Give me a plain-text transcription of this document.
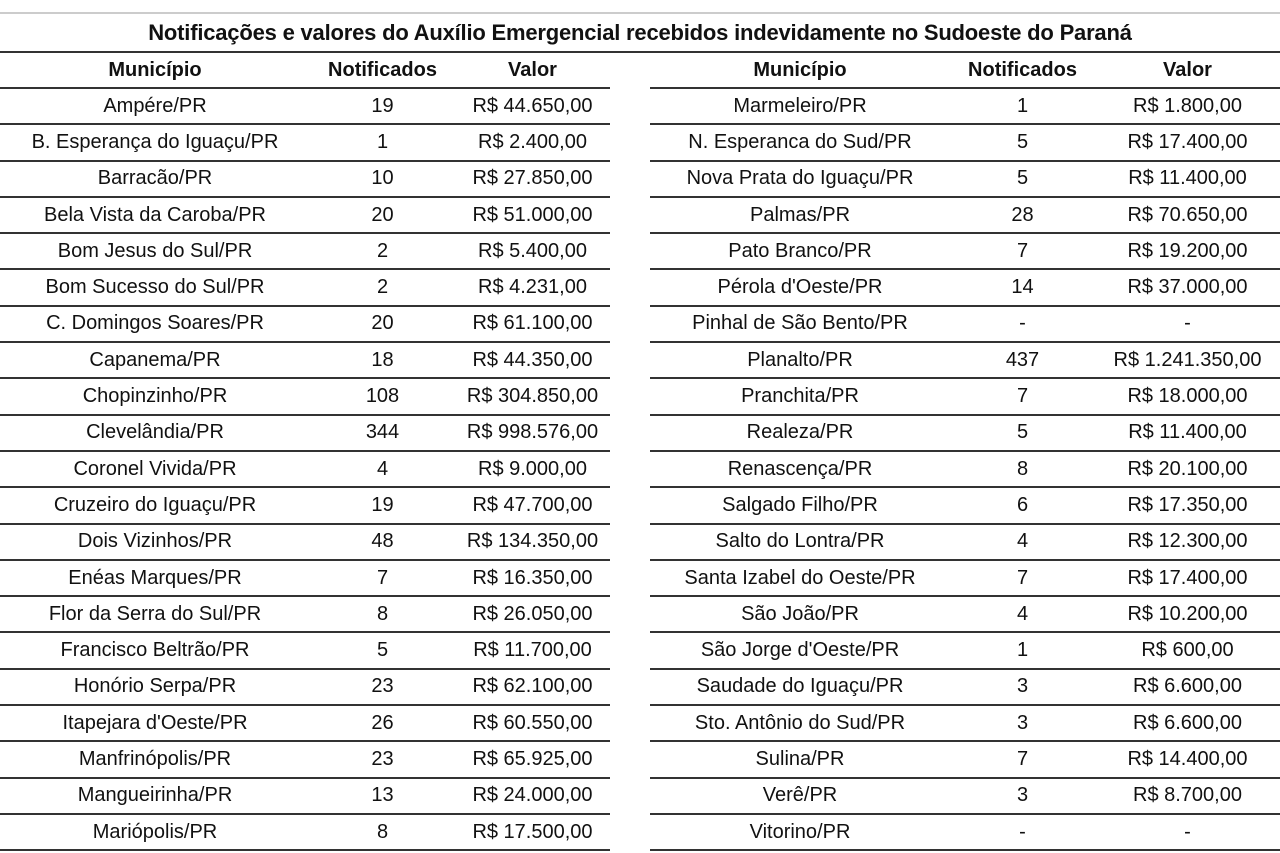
Notificações e valores do Auxílio Emergencial recebidos indevidamente no Sudoeste do Paraná
Município	Notificados	Valor
Ampére/PR	19	R$ 44.650,00
B. Esperança do Iguaçu/PR	1	R$ 2.400,00
Barracão/PR	10	R$ 27.850,00
Bela Vista da Caroba/PR	20	R$ 51.000,00
Bom Jesus do Sul/PR	2	R$ 5.400,00
Bom Sucesso do Sul/PR	2	R$ 4.231,00
C. Domingos Soares/PR	20	R$ 61.100,00
Capanema/PR	18	R$ 44.350,00
Chopinzinho/PR	108	R$ 304.850,00
Clevelândia/PR	344	R$ 998.576,00
Coronel Vivida/PR	4	R$ 9.000,00
Cruzeiro do Iguaçu/PR	19	R$ 47.700,00
Dois Vizinhos/PR	48	R$ 134.350,00
Enéas Marques/PR	7	R$ 16.350,00
Flor da Serra do Sul/PR	8	R$ 26.050,00
Francisco Beltrão/PR	5	R$ 11.700,00
Honório Serpa/PR	23	R$ 62.100,00
Itapejara d'Oeste/PR	26	R$ 60.550,00
Manfrinópolis/PR	23	R$ 65.925,00
Mangueirinha/PR	13	R$ 24.000,00
Mariópolis/PR	8	R$ 17.500,00
Município	Notificados	Valor
Marmeleiro/PR	1	R$ 1.800,00
N. Esperanca do Sud/PR	5	R$ 17.400,00
Nova Prata do Iguaçu/PR	5	R$ 11.400,00
Palmas/PR	28	R$ 70.650,00
Pato Branco/PR	7	R$ 19.200,00
Pérola d'Oeste/PR	14	R$ 37.000,00
Pinhal de São Bento/PR	-	-
Planalto/PR	437	R$ 1.241.350,00
Pranchita/PR	7	R$ 18.000,00
Realeza/PR	5	R$ 11.400,00
Renascença/PR	8	R$ 20.100,00
Salgado Filho/PR	6	R$ 17.350,00
Salto do Lontra/PR	4	R$ 12.300,00
Santa Izabel do Oeste/PR	7	R$ 17.400,00
São João/PR	4	R$ 10.200,00
São Jorge d'Oeste/PR	1	R$ 600,00
Saudade do Iguaçu/PR	3	R$ 6.600,00
Sto. Antônio do Sud/PR	3	R$ 6.600,00
Sulina/PR	7	R$ 14.400,00
Verê/PR	3	R$ 8.700,00
Vitorino/PR	-	-
